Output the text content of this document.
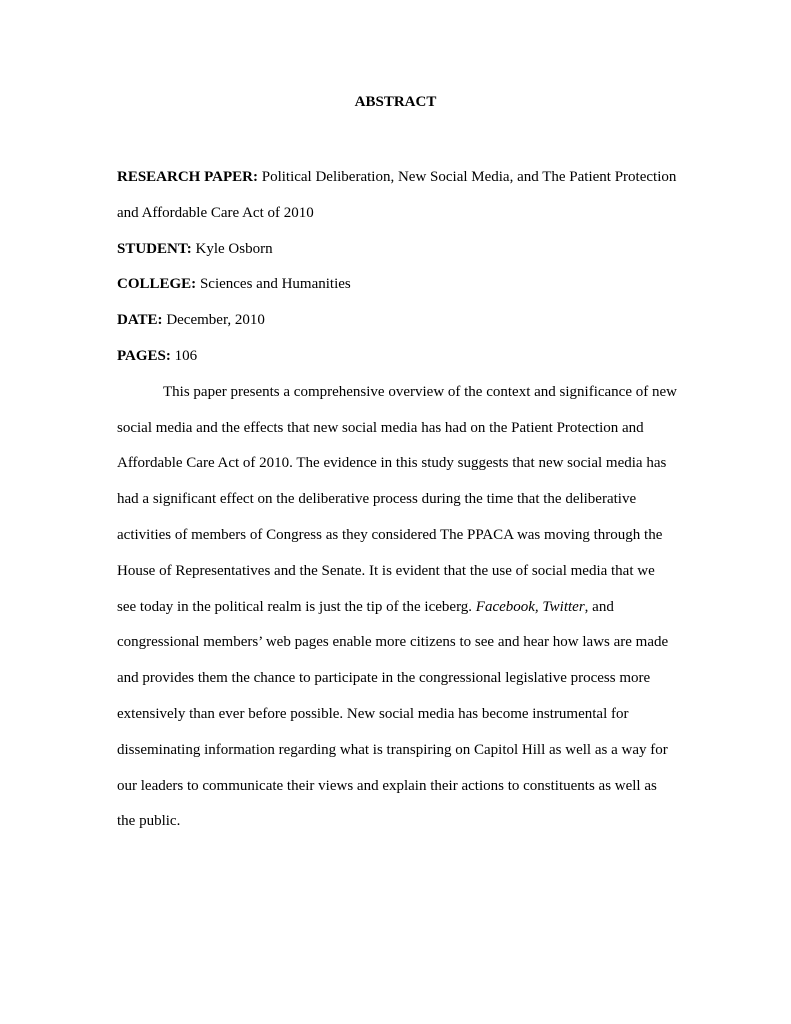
ABSTRACT

RESEARCH PAPER: Political Deliberation, New Social Media, and The Patient Protection and Affordable Care Act of 2010

STUDENT: Kyle Osborn

COLLEGE: Sciences and Humanities

DATE: December, 2010

PAGES: 106

This paper presents a comprehensive overview of the context and significance of new social media and the effects that new social media has had on the Patient Protection and Affordable Care Act of 2010. The evidence in this study suggests that new social media has had a significant effect on the deliberative process during the time that the deliberative activities of members of Congress as they considered The PPACA was moving through the House of Representatives and the Senate. It is evident that the use of social media that we see today in the political realm is just the tip of the iceberg. Facebook, Twitter, and congressional members’ web pages enable more citizens to see and hear how laws are made and provides them the chance to participate in the congressional legislative process more extensively than ever before possible. New social media has become instrumental for disseminating information regarding what is transpiring on Capitol Hill as well as a way for our leaders to communicate their views and explain their actions to constituents as well as the public.
